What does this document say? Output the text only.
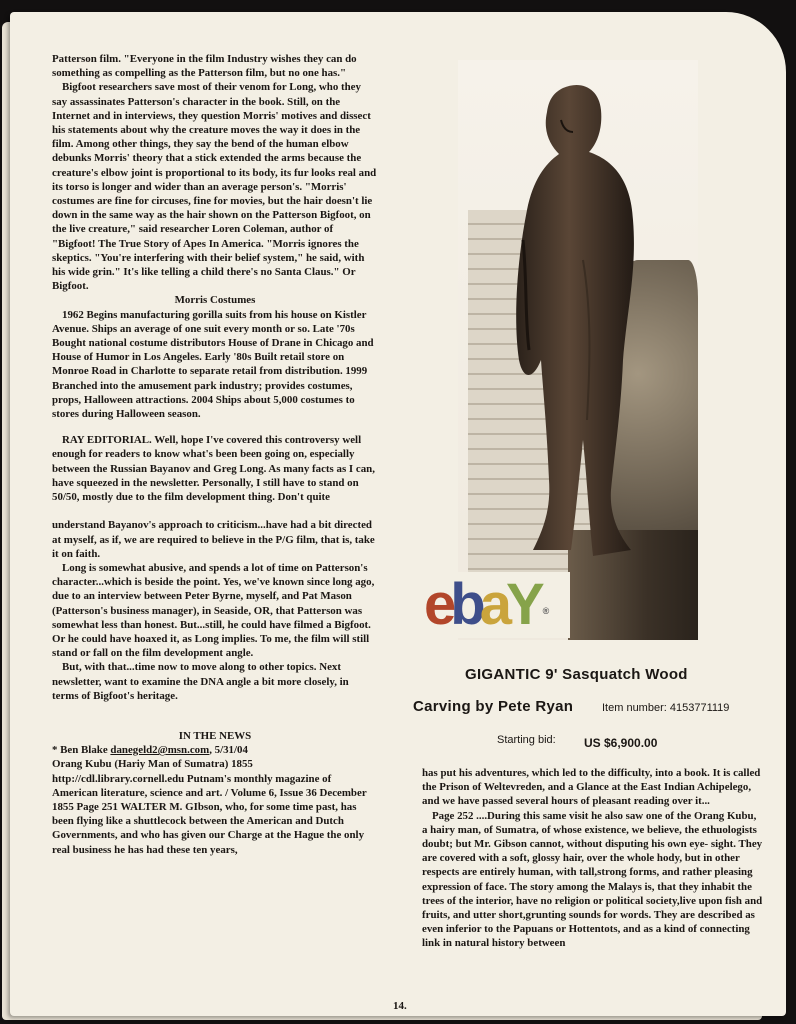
Patterson film. "Everyone in the film Industry wishes they can do something as compelling as the Patterson film, but no one has."

Bigfoot researchers save most of their venom for Long, who they say assassinates Patterson's character in the book. Still, on the Internet and in interviews, they question Morris' motives and dissect his statements about why the creature moves the way it does in the film. Among other things, they say the bend of the human elbow debunks Morris' theory that a stick extended the arms because the creature's elbow joint is proportional to its body, its fur looks real and its torso is longer and wider than an average person's. "Morris' costumes are fine for circuses, fine for movies, but the hair doesn't lie down in the same way as the hair shown on the Patterson Bigfoot, on the live creature," said researcher Loren Coleman, author of "Bigfoot! The True Story of Apes In America. "Morris ignores the skeptics. "You're interfering with their belief system," he said, with his wide grin." It's like telling a child there's no Santa Claus." Or Bigfoot.

Morris Costumes

1962 Begins manufacturing gorilla suits from his house on Kistler Avenue. Ships an average of one suit every month or so. Late '70s Bought national costume distributors House of Drane in Chicago and House of Humor in Los Angeles. Early '80s Built retail store on Monroe Road in Charlotte to separate retail from distribution. 1999 Branched into the amusement park industry; provides costumes, props, Halloween attractions. 2004 Ships about 5,000 costumes to stores during Halloween season.

RAY EDITORIAL. Well, hope I've covered this controversy well enough for readers to know what's been been going on, especially between the Russian Bayanov and Greg Long. As many facts as I can, have squeezed in the newsletter. Personally, I still have to stand on 50/50, mostly due to the film development thing. Don't quite

understand Bayanov's approach to criticism...have had a bit directed at myself, as if, we are required to believe in the P/G film, that is, take it on faith.

Long is somewhat abusive, and spends a lot of time on Patterson's character...which is beside the point. Yes, we've known since long ago, due to an interview between Peter Byrne, myself, and Pat Mason (Patterson's business manager), in Seaside, OR, that Patterson was somewhat less than honest. But...still, he could have filmed a Bigfoot. Or he could have hoaxed it, as Long implies. To me, the film will still stand or fall on the film development angle.

But, with that...time now to move along to other topics. Next newsletter, want to examine the DNA angle a bit more closely, in terms of Bigfoot's heritage.

IN THE NEWS

* Ben Blake danegeld2@msn.com, 5/31/04

Orang Kubu (Hariy Man of Sumatra) 1855 http://cdl.library.cornell.edu Putnam's monthly magazine of American literature, science and art. / Volume 6, Issue 36 December 1855 Page 251 WALTER M. GIbson, who, for some time past, has been flying like a shuttlecock between the American and Dutch Governments, and who has given our Charge at the Hague the only real business he has had these ten years,

ebaY ®
GIGANTIC 9' Sasquatch Wood
Carving by Pete Ryan	Item number: 4153771119
Starting bid: US $6,900.00

has put his adventures, which led to the difficulty, into a book. It is called the Prison of Weltevreden, and a Glance at the East Indian Achipelego, and we have passed several hours of pleasant reading over it...

Page 252 ....During this same visit he also saw one of the Orang Kubu, a hairy man, of Sumatra, of whose existence, we believe, the ethuologists doubt; but Mr. Gibson cannot, without disputing his own eye- sight. They are covered with a soft, glossy hair, over the whole hody, but in other respects are entirely human, with tall,strong forms, and rather pleasing expression of face. The story among the Malays is, that they inhabit the trees of the interior, have no religion or political society,live upon fish and fruits, and utter short,grunting sounds for words. They are described as even inferior to the Papuans or Hottentots, and as a kind of connecting link in natural history between

14.
